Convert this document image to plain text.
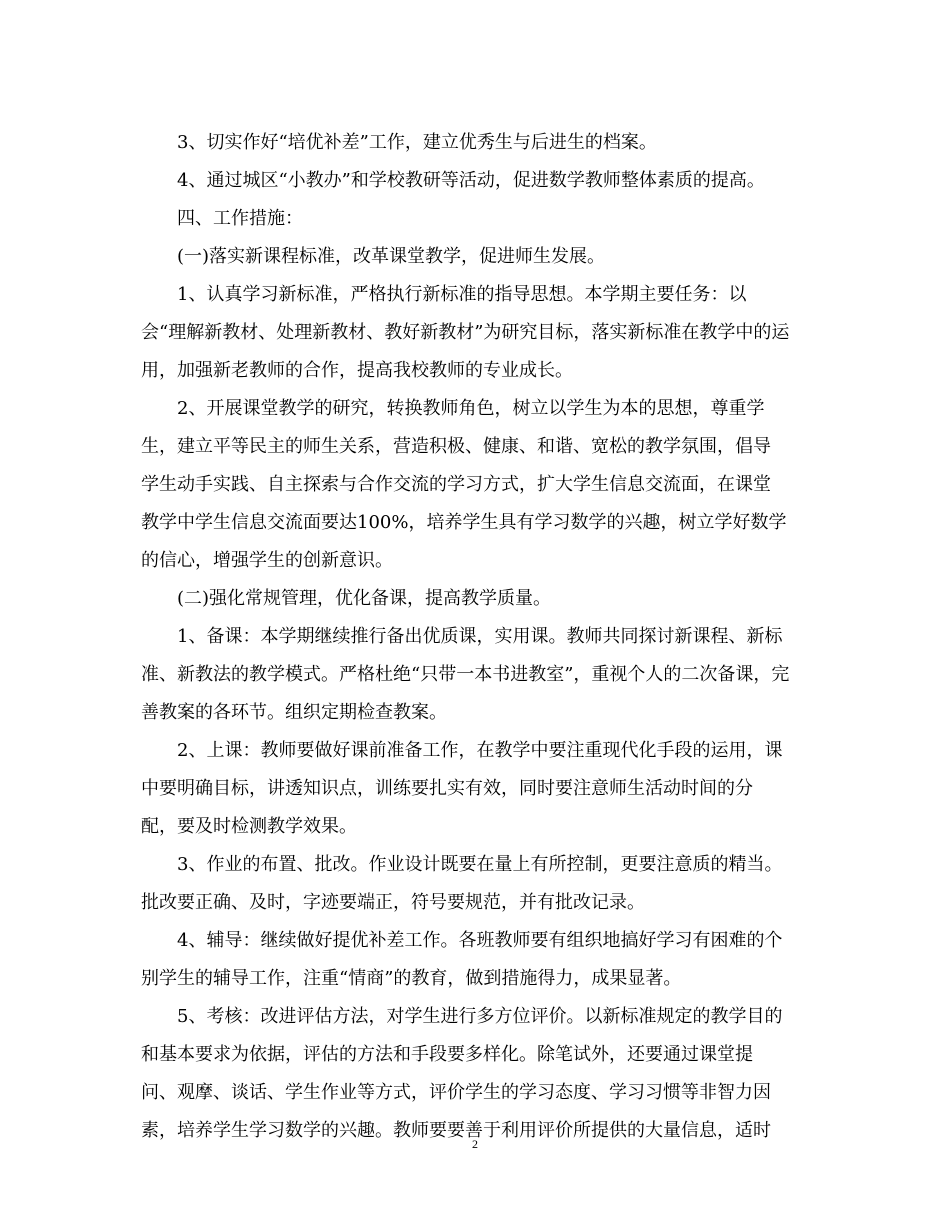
3、切实作好“培优补差”工作，建立优秀生与后进生的档案。
4、通过城区“小教办”和学校教研等活动，促进数学教师整体素质的提高。
四、工作措施：
(一)落实新课程标准，改革课堂教学，促进师生发展。
1、认真学习新标准，严格执行新标准的指导思想。本学期主要任务：以
会“理解新教材、处理新教材、教好新教材”为研究目标，落实新标准在教学中的运
用，加强新老教师的合作，提高我校教师的专业成长。
2、开展课堂教学的研究，转换教师角色，树立以学生为本的思想，尊重学
生，建立平等民主的师生关系，营造积极、健康、和谐、宽松的教学氛围，倡导
学生动手实践、自主探索与合作交流的学习方式，扩大学生信息交流面，在课堂
教学中学生信息交流面要达100%，培养学生具有学习数学的兴趣，树立学好数学
的信心，增强学生的创新意识。
(二)强化常规管理，优化备课，提高教学质量。
1、备课：本学期继续推行备出优质课，实用课。教师共同探讨新课程、新标
准、新教法的教学模式。严格杜绝“只带一本书进教室”，重视个人的二次备课，完
善教案的各环节。组织定期检查教案。
2、上课：教师要做好课前准备工作，在教学中要注重现代化手段的运用，课
中要明确目标，讲透知识点，训练要扎实有效，同时要注意师生活动时间的分
配，要及时检测教学效果。
3、作业的布置、批改。作业设计既要在量上有所控制，更要注意质的精当。
批改要正确、及时，字迹要端正，符号要规范，并有批改记录。
4、辅导：继续做好提优补差工作。各班教师要有组织地搞好学习有困难的个
别学生的辅导工作，注重“情商”的教育，做到措施得力，成果显著。
5、考核：改进评估方法，对学生进行多方位评价。以新标准规定的教学目的
和基本要求为依据，评估的方法和手段要多样化。除笔试外，还要通过课堂提
问、观摩、谈话、学生作业等方式，评价学生的学习态度、学习习惯等非智力因
素，培养学生学习数学的兴趣。教师要要善于利用评价所提供的大量信息，适时
2
